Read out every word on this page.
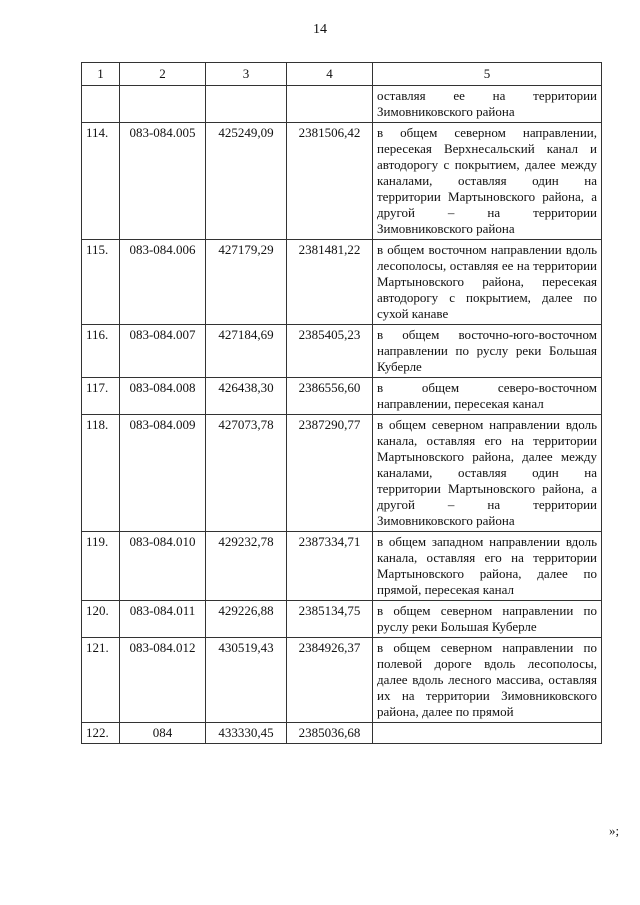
14
1	2	3	4	5
				оставляя ее на территории Зимовниковского района
114.	083-084.005	425249,09	2381506,42	в общем северном направлении, пересекая Верхнесальский канал и автодорогу с покрытием, далее между каналами, оставляя один на территории Мартыновского района, а другой – на территории Зимовниковского района
115.	083-084.006	427179,29	2381481,22	в общем восточном направлении вдоль лесополосы, оставляя ее на территории Мартыновского района, пересекая автодорогу с покрытием, далее по сухой канаве
116.	083-084.007	427184,69	2385405,23	в общем восточно-юго-восточном направлении по руслу реки Большая Куберле
117.	083-084.008	426438,30	2386556,60	в общем северо-восточном направлении, пересекая канал
118.	083-084.009	427073,78	2387290,77	в общем северном направлении вдоль канала, оставляя его на территории Мартыновского района, далее между каналами, оставляя один на территории Мартыновского района, а другой – на территории Зимовниковского района
119.	083-084.010	429232,78	2387334,71	в общем западном направлении вдоль канала, оставляя его на территории Мартыновского района, далее по прямой, пересекая канал
120.	083-084.011	429226,88	2385134,75	в общем северном направлении по руслу реки Большая Куберле
121.	083-084.012	430519,43	2384926,37	в общем северном направлении по полевой дороге вдоль лесополосы, далее вдоль лесного массива, оставляя их на территории Зимовниковского района, далее по прямой
122.	084	433330,45	2385036,68	
»;
